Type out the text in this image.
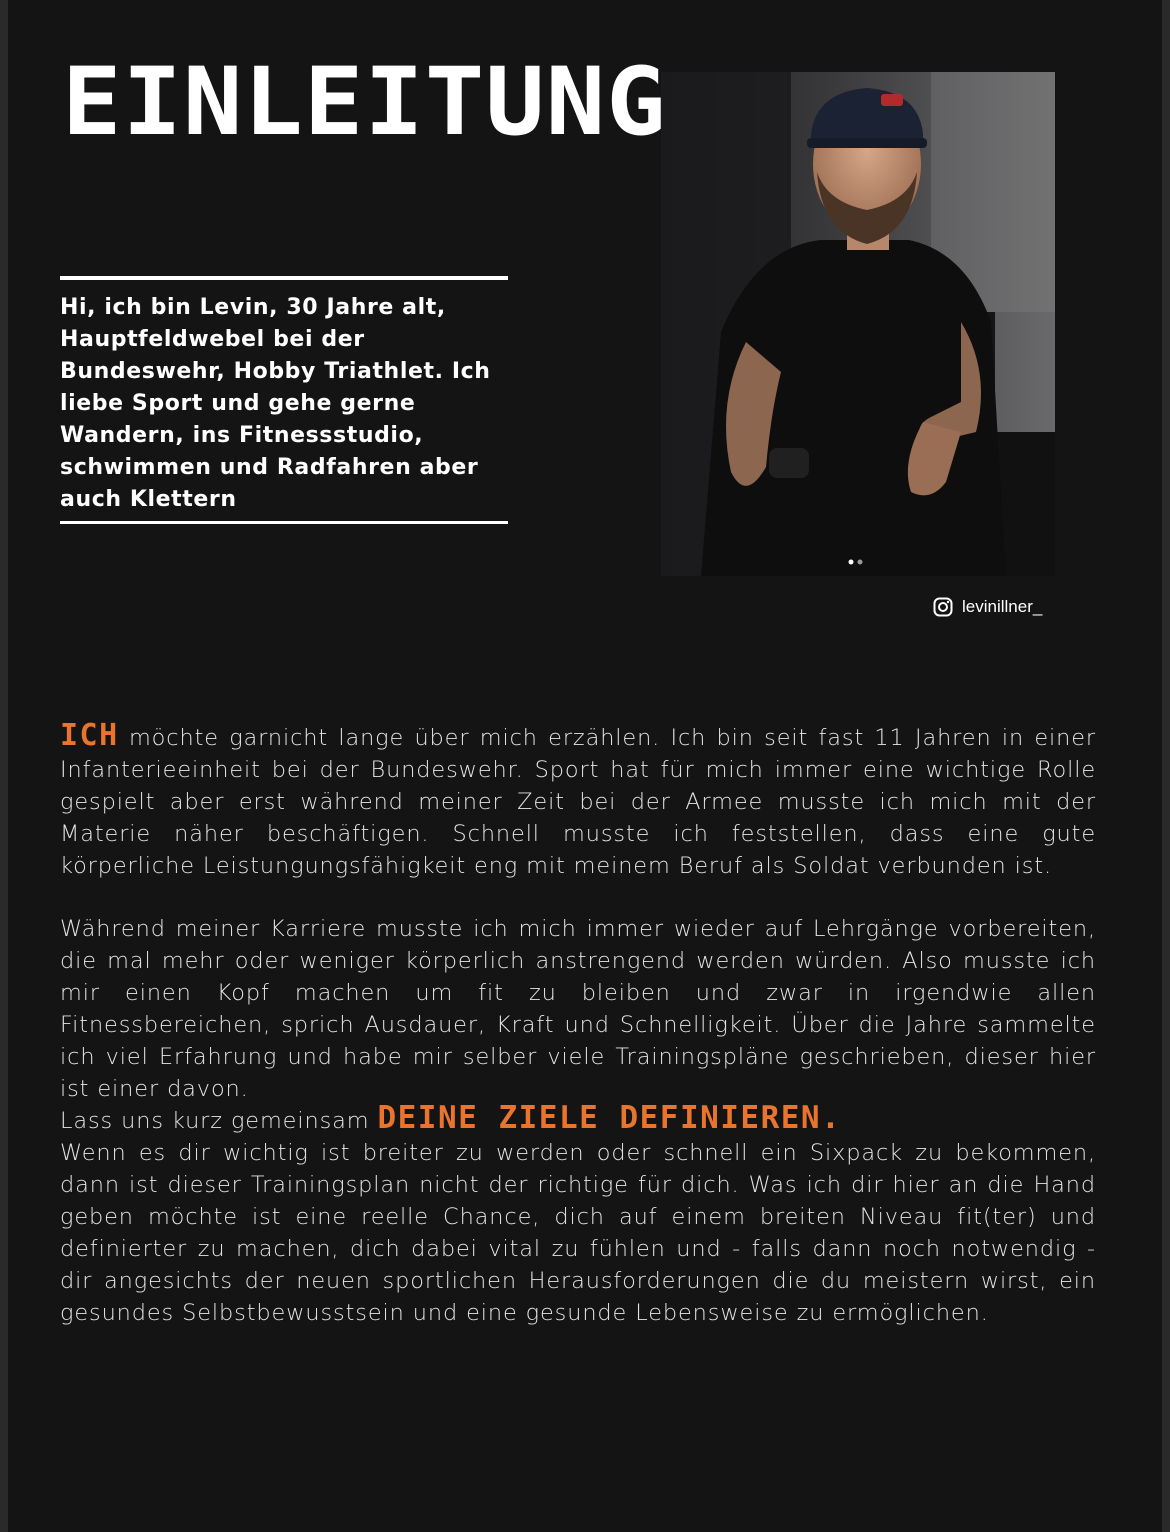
EINLEITUNG

Hi, ich bin Levin, 30 Jahre alt, Hauptfeldwebel bei der Bundeswehr, Hobby Triathlet. Ich liebe Sport und gehe gerne Wandern, ins Fitnessstudio, schwimmen und Radfahren aber auch Klettern

levinillner_

ICH möchte garnicht lange über mich erzählen. Ich bin seit fast 11 Jahren in einer Infanterieeinheit bei der Bundeswehr. Sport hat für mich immer eine wichtige Rolle gespielt aber erst während meiner Zeit bei der Armee musste ich mich mit der Materie näher beschäftigen. Schnell musste ich feststellen, dass eine gute körperliche Leistungungsfähigkeit eng mit meinem Beruf als Soldat verbunden ist.

Während meiner Karriere musste ich mich immer wieder auf Lehrgänge vorbereiten, die mal mehr oder weniger körperlich anstrengend werden würden. Also musste ich mir einen Kopf machen um fit zu bleiben und zwar in irgendwie allen Fitnessbereichen, sprich Ausdauer, Kraft und Schnelligkeit. Über die Jahre sammelte ich viel Erfahrung und habe mir selber viele Trainingspläne geschrieben, dieser hier ist einer davon.

Lass uns kurz gemeinsam DEINE ZIELE DEFINIEREN.

Wenn es dir wichtig ist breiter zu werden oder schnell ein Sixpack zu bekommen, dann ist dieser Trainingsplan nicht der richtige für dich. Was ich dir hier an die Hand geben möchte ist eine reelle Chance, dich auf einem breiten Niveau fit(ter) und definierter zu machen, dich dabei vital zu fühlen und - falls dann noch notwendig - dir angesichts der neuen sportlichen Herausforderungen die du meistern wirst, ein gesundes Selbstbewusstsein und eine gesunde Lebensweise zu ermöglichen.
